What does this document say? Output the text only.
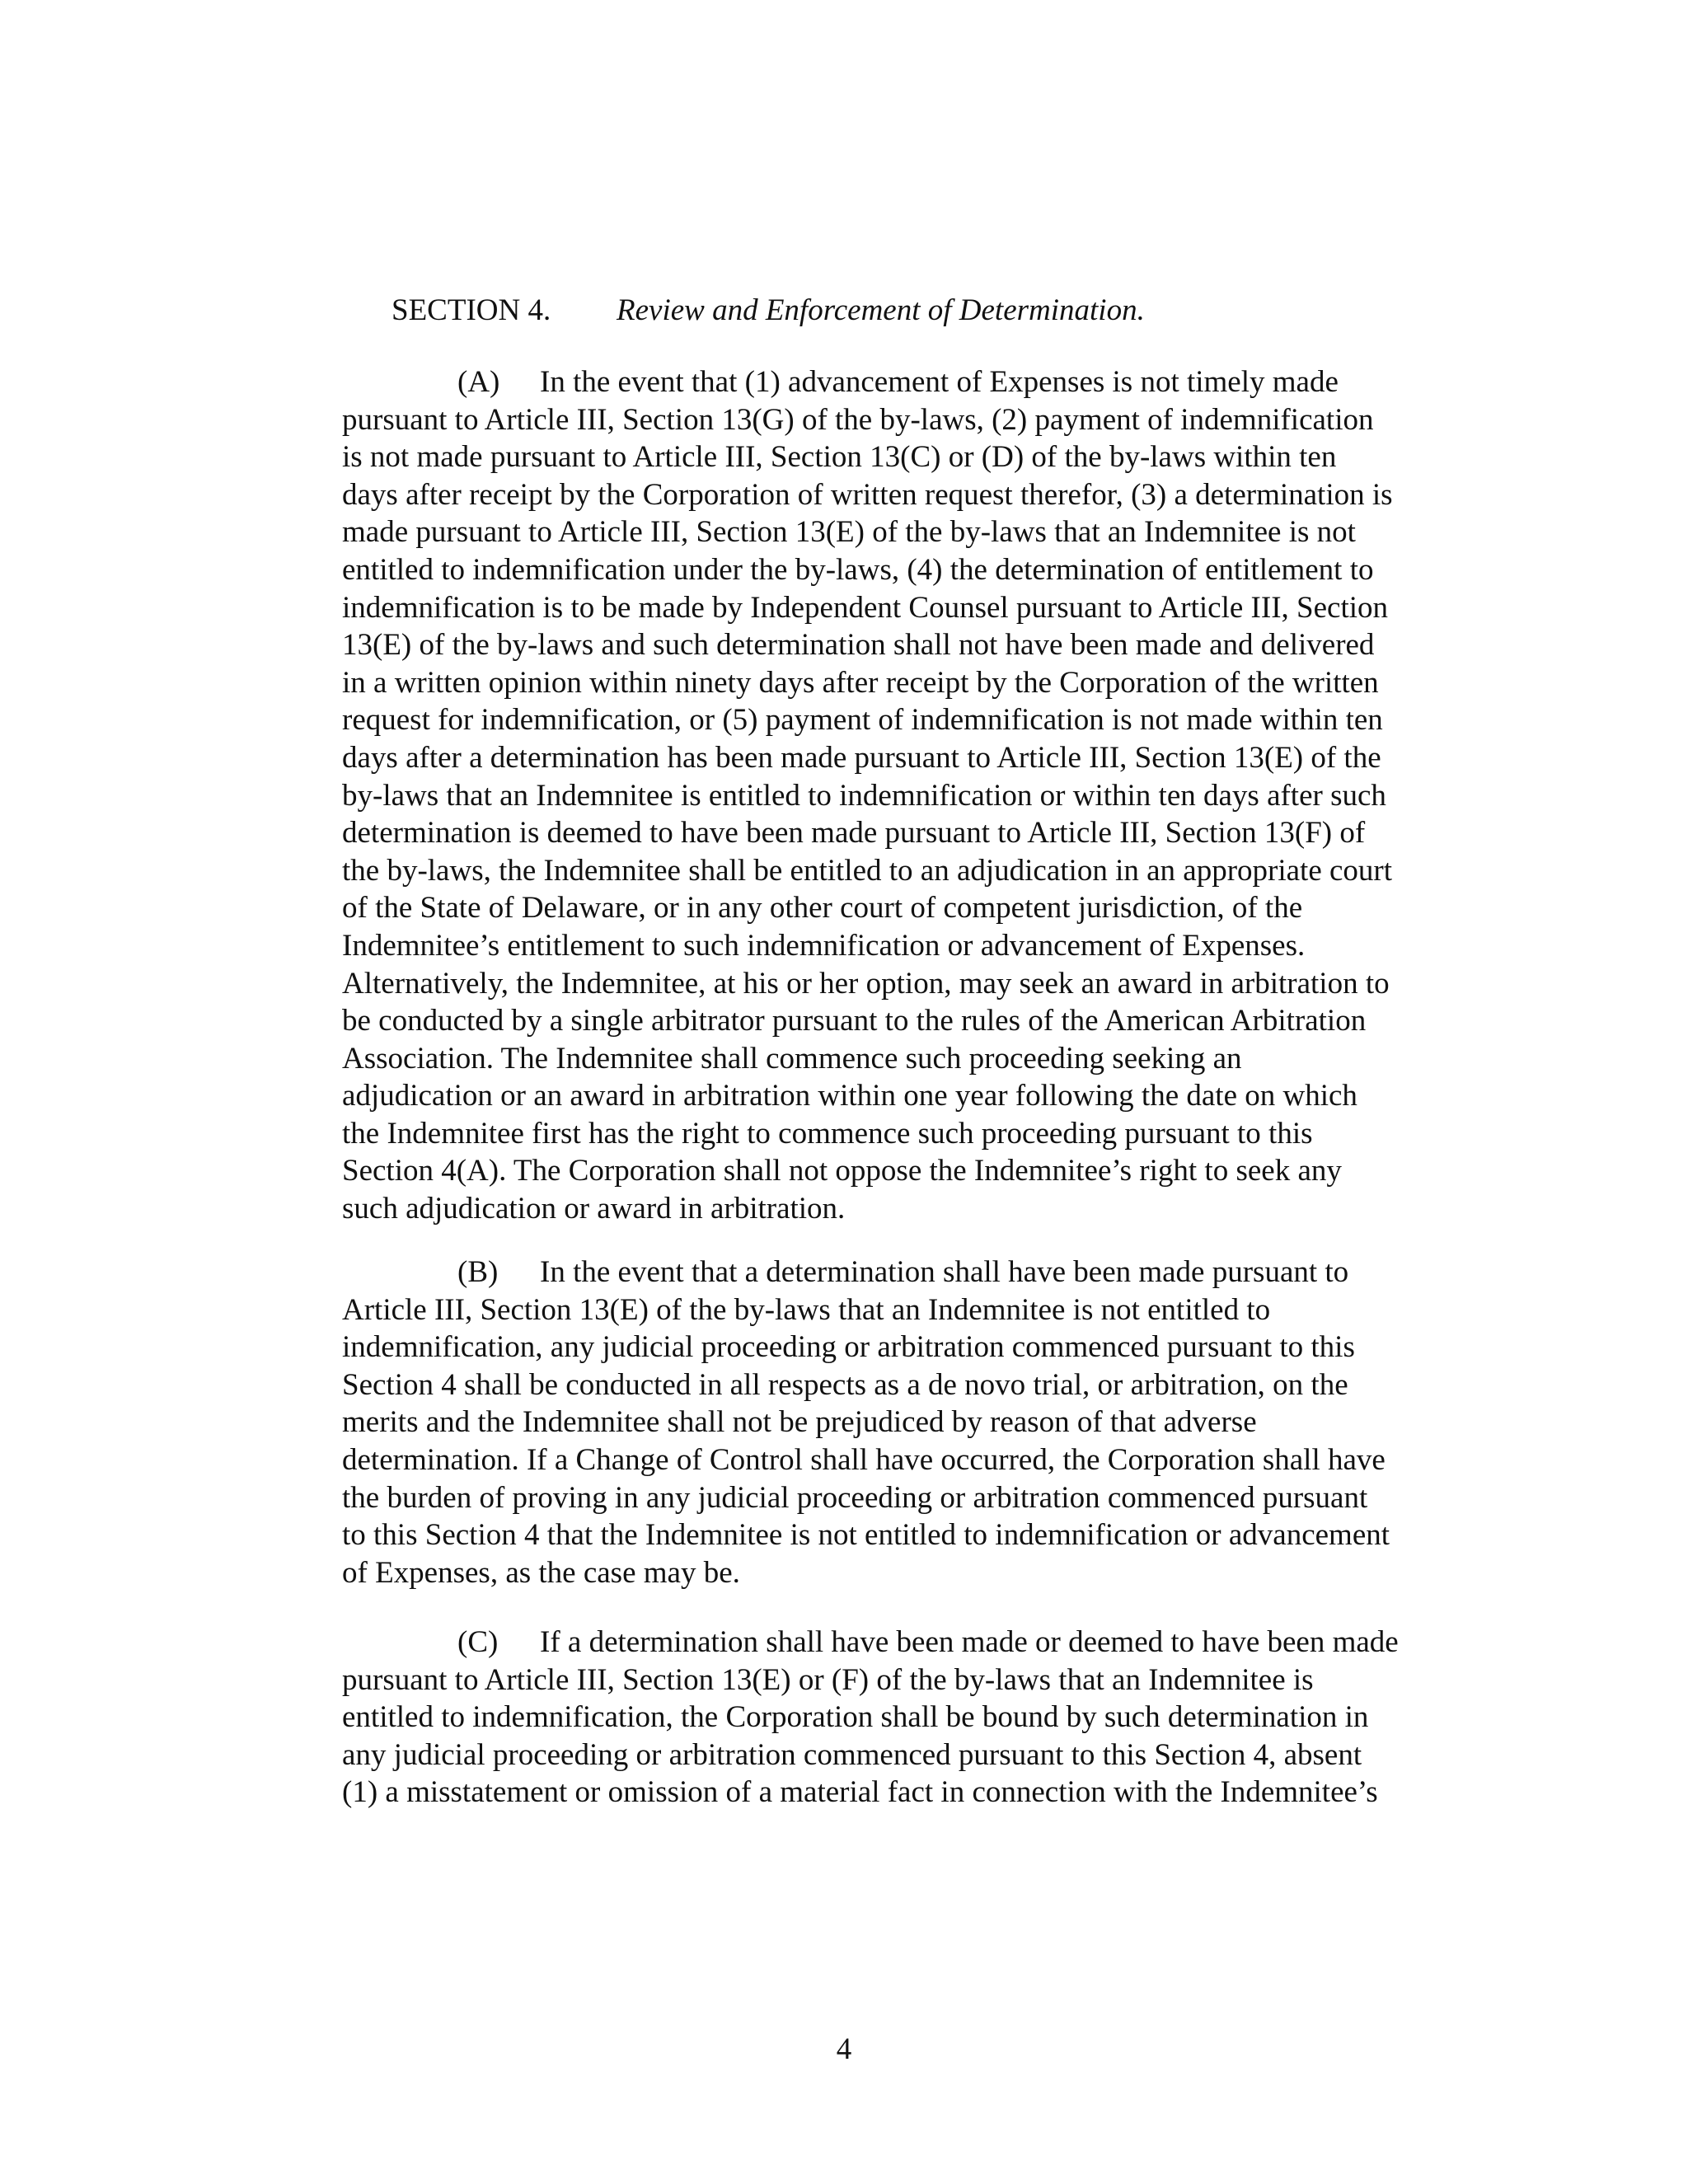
SECTION 4. Review and Enforcement of Determination.
(A) In the event that (1) advancement of Expenses is not timely made
pursuant to Article III, Section 13(G) of the by-laws, (2) payment of indemnification
is not made pursuant to Article III, Section 13(C) or (D) of the by-laws within ten
days after receipt by the Corporation of written request therefor, (3) a determination is
made pursuant to Article III, Section 13(E) of the by-laws that an Indemnitee is not
entitled to indemnification under the by-laws, (4) the determination of entitlement to
indemnification is to be made by Independent Counsel pursuant to Article III, Section
13(E) of the by-laws and such determination shall not have been made and delivered
in a written opinion within ninety days after receipt by the Corporation of the written
request for indemnification, or (5) payment of indemnification is not made within ten
days after a determination has been made pursuant to Article III, Section 13(E) of the
by-laws that an Indemnitee is entitled to indemnification or within ten days after such
determination is deemed to have been made pursuant to Article III, Section 13(F) of
the by-laws, the Indemnitee shall be entitled to an adjudication in an appropriate court
of the State of Delaware, or in any other court of competent jurisdiction, of the
Indemnitee’s entitlement to such indemnification or advancement of Expenses.
Alternatively, the Indemnitee, at his or her option, may seek an award in arbitration to
be conducted by a single arbitrator pursuant to the rules of the American Arbitration
Association. The Indemnitee shall commence such proceeding seeking an
adjudication or an award in arbitration within one year following the date on which
the Indemnitee first has the right to commence such proceeding pursuant to this
Section 4(A). The Corporation shall not oppose the Indemnitee’s right to seek any
such adjudication or award in arbitration.
(B) In the event that a determination shall have been made pursuant to
Article III, Section 13(E) of the by-laws that an Indemnitee is not entitled to
indemnification, any judicial proceeding or arbitration commenced pursuant to this
Section 4 shall be conducted in all respects as a de novo trial, or arbitration, on the
merits and the Indemnitee shall not be prejudiced by reason of that adverse
determination. If a Change of Control shall have occurred, the Corporation shall have
the burden of proving in any judicial proceeding or arbitration commenced pursuant
to this Section 4 that the Indemnitee is not entitled to indemnification or advancement
of Expenses, as the case may be.
(C) If a determination shall have been made or deemed to have been made
pursuant to Article III, Section 13(E) or (F) of the by-laws that an Indemnitee is
entitled to indemnification, the Corporation shall be bound by such determination in
any judicial proceeding or arbitration commenced pursuant to this Section 4, absent
(1) a misstatement or omission of a material fact in connection with the Indemnitee’s
4
